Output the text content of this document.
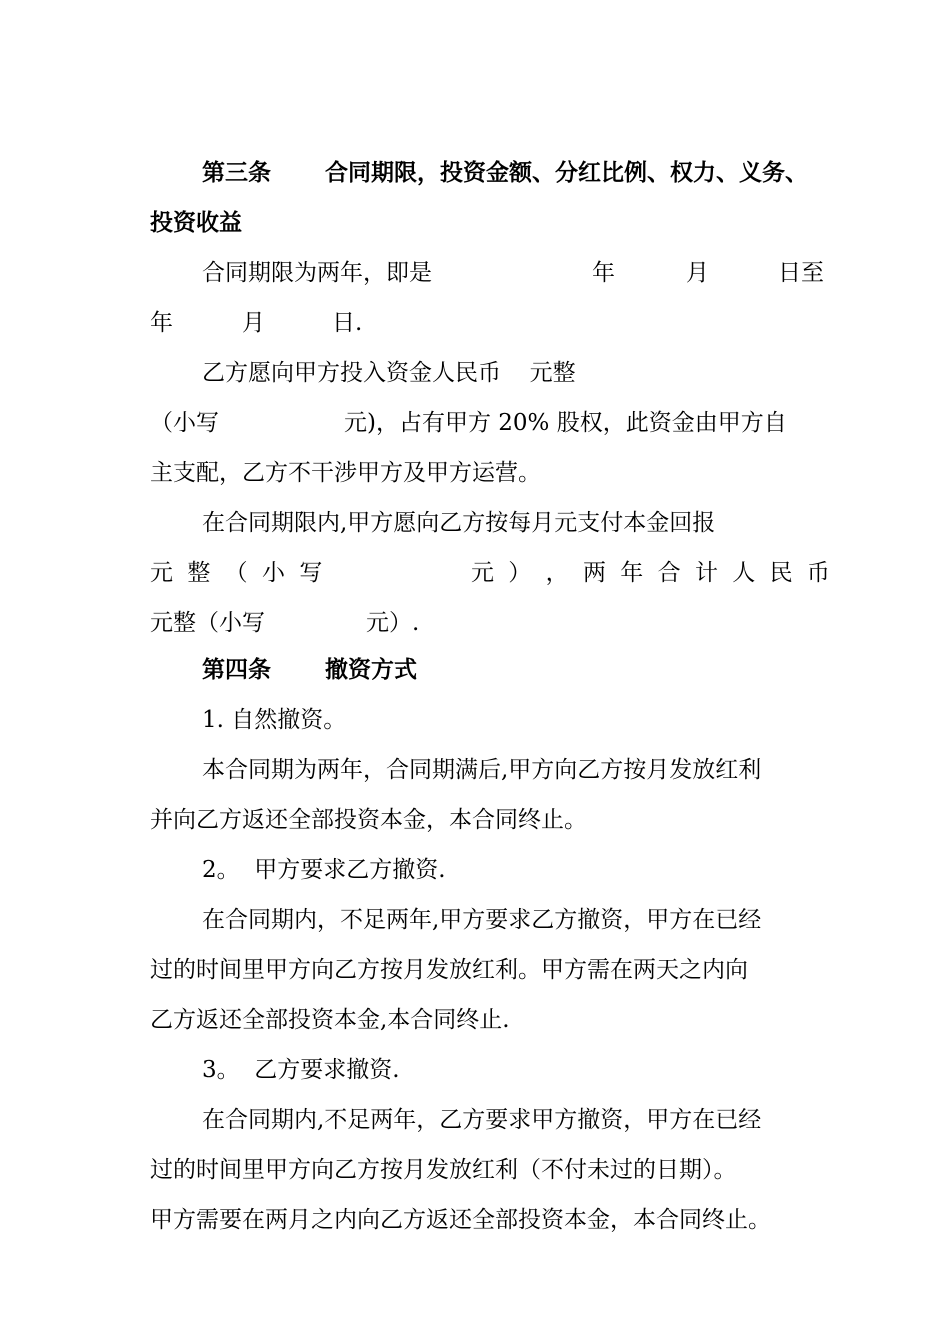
第三条 合同期限，投资金额、分红比例、权力、义务、
投资收益
合同期限为两年，即是	年	月	日至
年	月	日.
乙方愿向甲方投入资金人民币 元整
（小写	元)，占有甲方 20% 股权，此资金由甲方自
主支配，乙方不干涉甲方及甲方运营。
在合同期限内,甲方愿向乙方按每月元支付本金回报
元 整 （ 小 写	元 ） ， 两 年 合 计 人 民 币
元整（小写	元）.
第四条 撤资方式
1. 自然撤资。
本合同期为两年，合同期满后,甲方向乙方按月发放红利
并向乙方返还全部投资本金，本合同终止。
2。  甲方要求乙方撤资.
在合同期内，不足两年,甲方要求乙方撤资，甲方在已经
过的时间里甲方向乙方按月发放红利。甲方需在两天之内向
乙方返还全部投资本金,本合同终止.
3。  乙方要求撤资.
在合同期内,不足两年，乙方要求甲方撤资，甲方在已经
过的时间里甲方向乙方按月发放红利（不付未过的日期）。
甲方需要在两月之内向乙方返还全部投资本金，本合同终止。
